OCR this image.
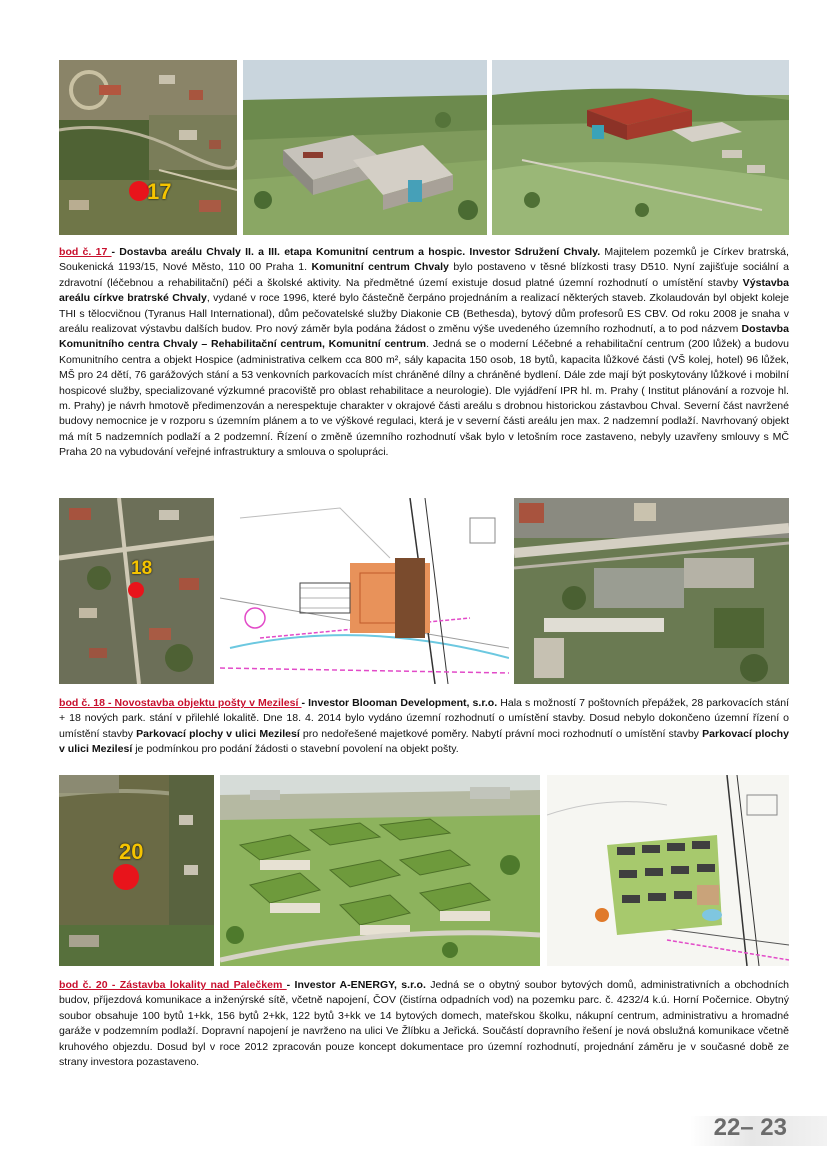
17

bod č. 17 - Dostavba areálu Chvaly II. a III. etapa Komunitní centrum a hospic. Investor Sdružení Chvaly. Majitelem pozemků je Církev bratrská, Soukenická 1193/15, Nové Město, 110 00 Praha 1. Komunitní centrum Chvaly bylo postaveno v těsné blízkosti trasy D510. Nyní zajišťuje sociální a zdravotní (léčebnou a rehabilitační) péči a školské aktivity. Na předmětné území existuje dosud platné územní rozhodnutí o umístění stavby Výstavba areálu církve bratrské Chvaly, vydané v roce 1996, které bylo částečně čerpáno projednáním a realizací některých staveb. Zkolaudován byl objekt koleje THI s tělocvičnou (Tyranus Hall International), dům pečovatelské služby Diakonie CB (Bethesda), bytový dům profesorů ES CBV. Od roku 2008 je snaha v areálu realizovat výstavbu dalších budov. Pro nový záměr byla podána žádost o změnu výše uvedeného územního rozhodnutí, a to pod názvem Dostavba Komunitního centra Chvaly – Rehabilitační centrum, Komunitní centrum. Jedná se o moderní Léčebné a rehabilitační centrum (200 lůžek) a budovu Komunitního centra a objekt Hospice (administrativa celkem cca 800 m², sály kapacita 150 osob, 18 bytů, kapacita lůžkové části (VŠ kolej, hotel) 96 lůžek, MŠ pro 24 dětí, 76 garážových stání a 53 venkovních parkovacích míst chráněné dílny a chráněné bydlení. Dále zde mají být poskytovány lůžkové i mobilní hospicové služby, specializované výzkumné pracoviště pro oblast rehabilitace a neurologie). Dle vyjádření IPR hl. m. Prahy ( Institut plánování a rozvoje hl. m. Prahy) je návrh hmotově předimenzován a nerespektuje charakter v okrajové části areálu s drobnou historickou zástavbou Chval. Severní část navržené budovy nemocnice je v rozporu s územním plánem a to ve výškové regulaci, která je v severní části areálu jen max. 2 nadzemní podlaží. Navrhovaný objekt má mít 5 nadzemních podlaží a 2 podzemní. Řízení o změně územního rozhodnutí však bylo v letošním roce zastaveno, nebyly uzavřeny smlouvy s MČ Praha 20 na vybudování veřejné infrastruktury a smlouva o spolupráci.

18

bod č. 18 - Novostavba objektu pošty v Mezilesí - Investor Blooman Development, s.r.o. Hala s možností 7 poštovních přepážek, 28 parkovacích stání + 18 nových park. stání v přilehlé lokalitě. Dne 18. 4. 2014 bylo vydáno územní rozhodnutí o umístění stavby. Dosud nebylo dokončeno územní řízení o umístění stavby Parkovací plochy v ulici Mezilesí pro nedořešené majetkové poměry. Nabytí právní moci rozhodnutí o umístění stavby Parkovací plochy v ulici Mezilesí je podmínkou pro podání žádosti o stavební povolení na objekt pošty.

20

bod č. 20 - Zástavba lokality nad Palečkem - Investor A-ENERGY, s.r.o. Jedná se o obytný soubor bytových domů, administrativních a obchodních budov, příjezdová komunikace a inženýrské sítě, včetně napojení, ČOV (čistírna odpadních vod) na pozemku parc. č. 4232/4 k.ú. Horní Počernice. Obytný soubor obsahuje 100 bytů 1+kk, 156 bytů 2+kk, 122 bytů 3+kk ve 14 bytových domech, mateřskou školku, nákupní centrum, administrativu a hromadné garáže v podzemním podlaží. Dopravní napojení je navrženo na ulici Ve Žlíbku a Jeřická. Součástí dopravního řešení je nová obslužná komunikace včetně kruhového objezdu. Dosud byl v roce 2012 zpracován pouze koncept dokumentace pro územní rozhodnutí, projednání záměru je v současné době ze strany investora pozastaveno.

22– 23
